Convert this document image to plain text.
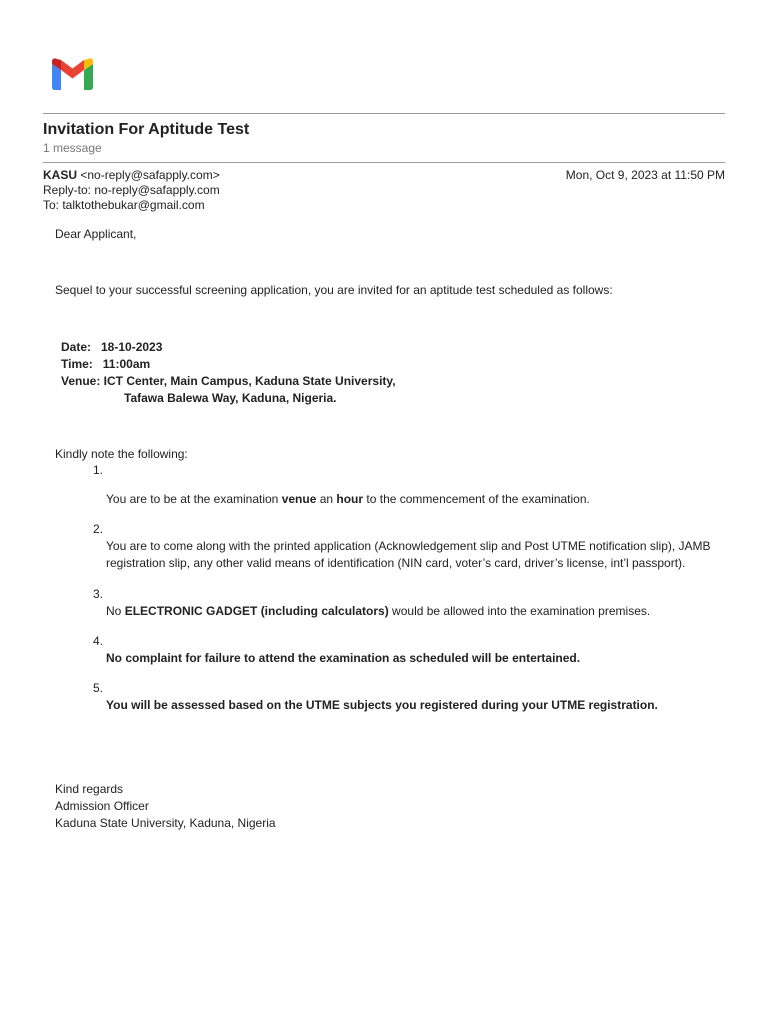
Invitation For Aptitude Test
1 message
KASU <no-reply@safapply.com>	Mon, Oct 9, 2023 at 11:50 PM
Reply-to: no-reply@safapply.com
To: talktothebukar@gmail.com

Dear Applicant,

Sequel to your successful screening application, you are invited for an aptitude test scheduled as follows:

Date:   18-10-2023
Time:   11:00am
Venue: ICT Center, Main Campus, Kaduna State University,
Tafawa Balewa Way, Kaduna, Nigeria.

Kindly note the following:

1.
You are to be at the examination venue an hour to the commencement of the examination.
2.
You are to come along with the printed application (Acknowledgement slip and Post UTME notification slip), JAMB registration slip, any other valid means of identification (NIN card, voter’s card, driver’s license, int’l passport).
3.
No ELECTRONIC GADGET (including calculators) would be allowed into the examination premises.
4.
No complaint for failure to attend the examination as scheduled will be entertained.
5.
You will be assessed based on the UTME subjects you registered during your UTME registration.
Kind regards
Admission Officer
Kaduna State University, Kaduna, Nigeria
